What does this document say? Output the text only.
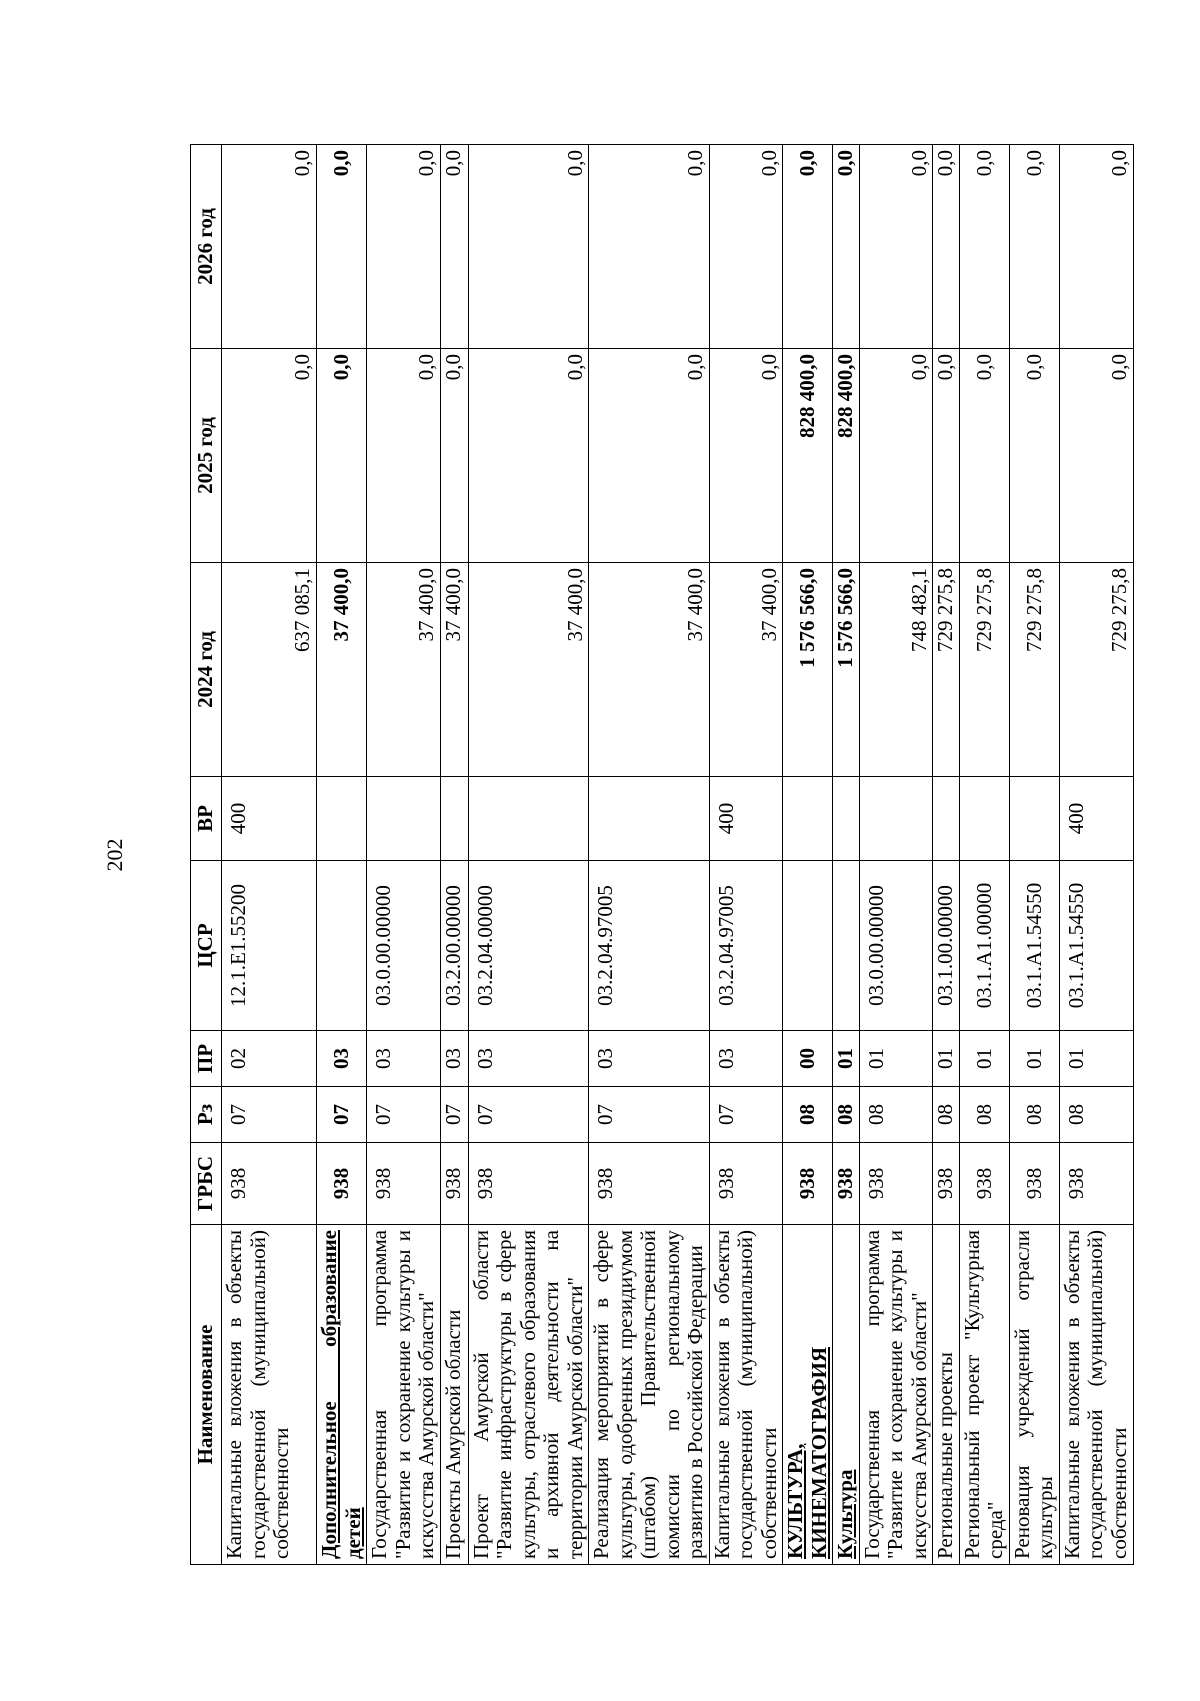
202
Наименование	ГРБС	Рз	ПР	ЦСР	ВР	2024 год	2025 год	2026 год
Капитальные вложения в объекты государственной (муниципальной) собственности	938	07	02	12.1.Е1.55200	400	637 085,1	0,0	0,0
Дополнительное образование детей	938	07	03			37 400,0	0,0	0,0
Государственная программа "Развитие и сохранение культуры и искусства Амурской области"	938	07	03	03.0.00.00000		37 400,0	0,0	0,0
Проекты Амурской области	938	07	03	03.2.00.00000		37 400,0	0,0	0,0
Проект Амурской области "Развитие инфраструктуры в сфере культуры, отраслевого образования и архивной деятельности на территории Амурской области"	938	07	03	03.2.04.00000		37 400,0	0,0	0,0
Реализация мероприятий в сфере культуры, одобренных президиумом (штабом) Правительственной комиссии по региональному развитию в Российской Федерации	938	07	03	03.2.04.97005		37 400,0	0,0	0,0
Капитальные вложения в объекты государственной (муниципальной) собственности	938	07	03	03.2.04.97005	400	37 400,0	0,0	0,0
КУЛЬТУРА, КИНЕМАТОГРАФИЯ	938	08	00			1 576 566,0	828 400,0	0,0
Культура	938	08	01			1 576 566,0	828 400,0	0,0
Государственная программа "Развитие и сохранение культуры и искусства Амурской области"	938	08	01	03.0.00.00000		748 482,1	0,0	0,0
Региональные проекты	938	08	01	03.1.00.00000		729 275,8	0,0	0,0
Региональный проект "Культурная среда"	938	08	01	03.1.А1.00000		729 275,8	0,0	0,0
Реновация учреждений отрасли культуры	938	08	01	03.1.А1.54550		729 275,8	0,0	0,0
Капитальные вложения в объекты государственной (муниципальной) собственности	938	08	01	03.1.А1.54550	400	729 275,8	0,0	0,0
